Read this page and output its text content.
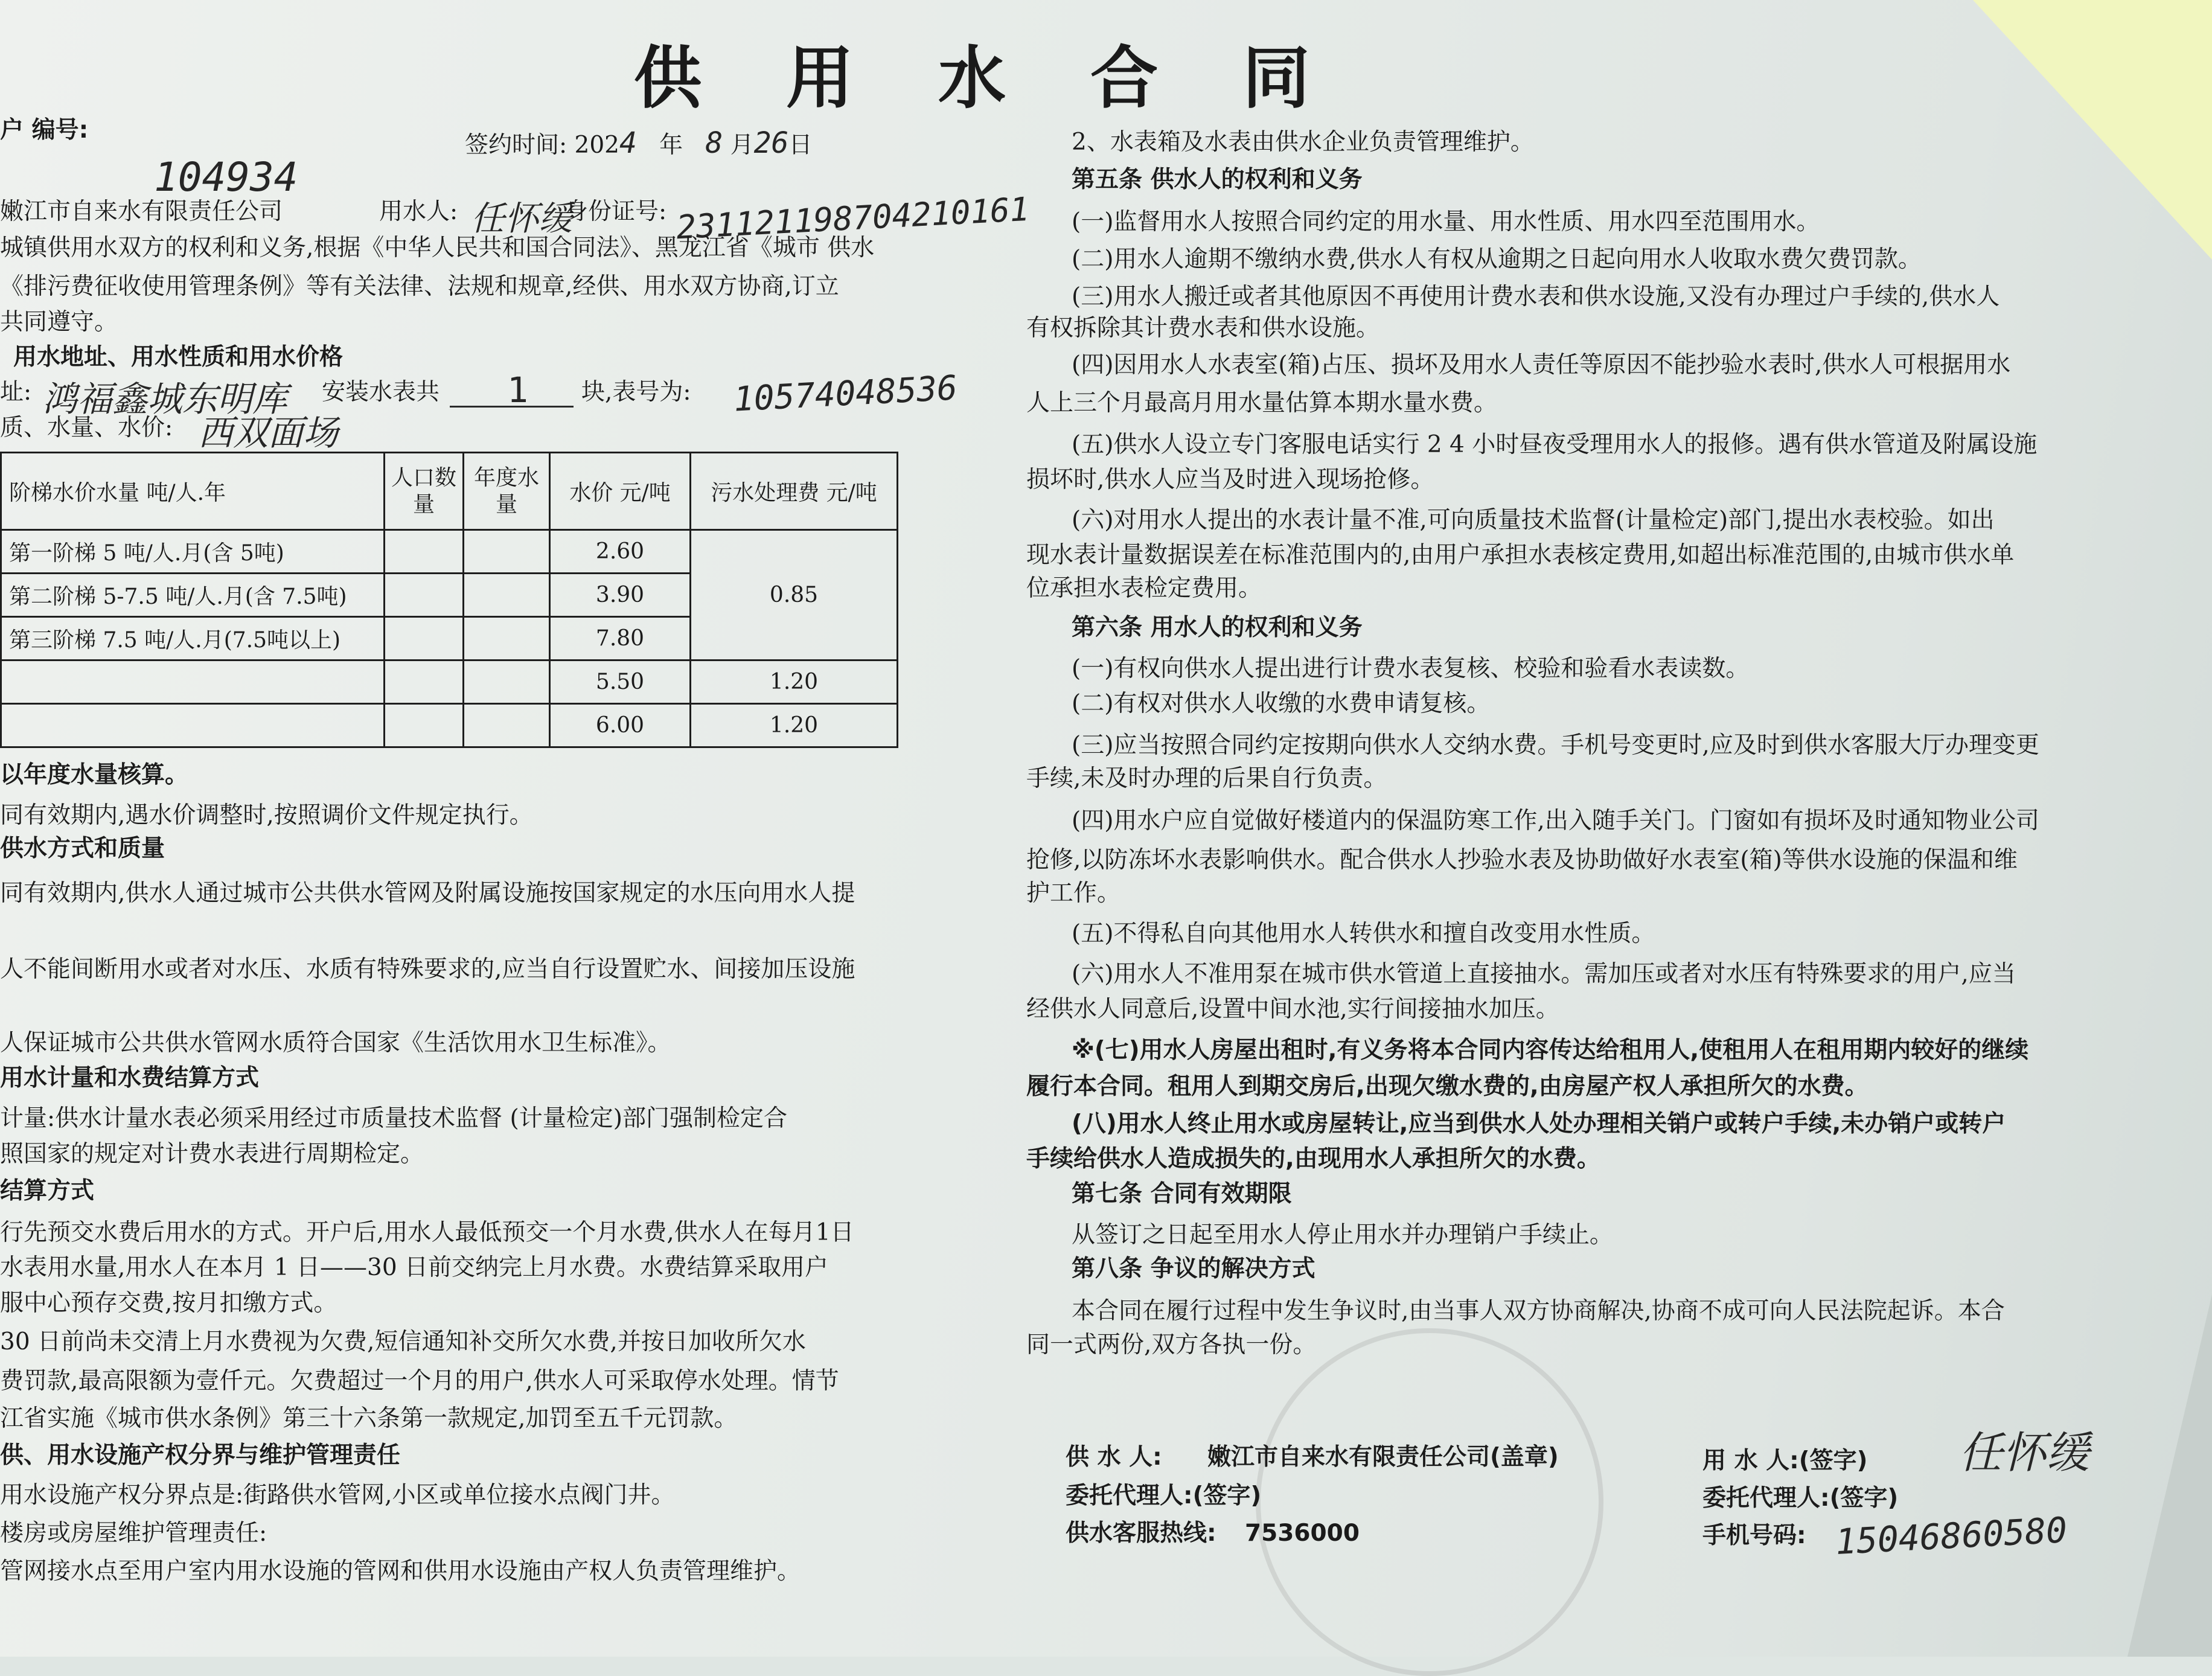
供 用 水 合 同
户 编号:
104934
签约时间: 2024 年 8 月26日
嫩江市自来水有限责任公司	用水人: 任怀缓
身份证号: 231121198704210161
城镇供用水双方的权利和义务,根据《中华人民共和国合同法》、黑龙江省《城市 供水
《排污费征收使用管理条例》等有关法律、法规和规章,经供、用水双方协商,订立
共同遵守。
用水地址、用水性质和用水价格
址: 鸿福鑫城东明库 安装水表共 1 块,表号为: 10574048536
质、水量、水价: 西双面场
阶梯水价水量 吨/人.年	人口数量	年度水量	水价 元/吨	污水处理费 元/吨
第一阶梯 5 吨/人.月(含 5吨)			2.60	0.85
第二阶梯 5-7.5 吨/人.月(含 7.5吨)			3.90	
第三阶梯 7.5 吨/人.月(7.5吨以上)			7.80	
			5.50	1.20
			6.00	1.20
以年度水量核算。
同有效期内,遇水价调整时,按照调价文件规定执行。
供水方式和质量
同有效期内,供水人通过城市公共供水管网及附属设施按国家规定的水压向用水人提
人不能间断用水或者对水压、水质有特殊要求的,应当自行设置贮水、间接加压设施
人保证城市公共供水管网水质符合国家《生活饮用水卫生标准》。
用水计量和水费结算方式
计量:供水计量水表必须采用经过市质量技术监督 (计量检定)部门强制检定合
照国家的规定对计费水表进行周期检定。
结算方式
行先预交水费后用水的方式。开户后,用水人最低预交一个月水费,供水人在每月1日
水表用水量,用水人在本月 1 日——30 日前交纳完上月水费。水费结算采取用户
服中心预存交费,按月扣缴方式。
30 日前尚未交清上月水费视为欠费,短信通知补交所欠水费,并按日加收所欠水
费罚款,最高限额为壹仟元。欠费超过一个月的用户,供水人可采取停水处理。情节
江省实施《城市供水条例》第三十六条第一款规定,加罚至五千元罚款。
供、用水设施产权分界与维护管理责任
用水设施产权分界点是:街路供水管网,小区或单位接水点阀门井。
楼房或房屋维护管理责任:
管网接水点至用户室内用水设施的管网和供用水设施由产权人负责管理维护。
2、水表箱及水表由供水企业负责管理维护。
第五条 供水人的权利和义务
(一)监督用水人按照合同约定的用水量、用水性质、用水四至范围用水。
(二)用水人逾期不缴纳水费,供水人有权从逾期之日起向用水人收取水费欠费罚款。
(三)用水人搬迁或者其他原因不再使用计费水表和供水设施,又没有办理过户手续的,供水人
有权拆除其计费水表和供水设施。
(四)因用水人水表室(箱)占压、损坏及用水人责任等原因不能抄验水表时,供水人可根据用水
人上三个月最高月用水量估算本期水量水费。
(五)供水人设立专门客服电话实行 2 4 小时昼夜受理用水人的报修。遇有供水管道及附属设施
损坏时,供水人应当及时进入现场抢修。
(六)对用水人提出的水表计量不准,可向质量技术监督(计量检定)部门,提出水表校验。如出
现水表计量数据误差在标准范围内的,由用户承担水表核定费用,如超出标准范围的,由城市供水单
位承担水表检定费用。
第六条 用水人的权利和义务
(一)有权向供水人提出进行计费水表复核、校验和验看水表读数。
(二)有权对供水人收缴的水费申请复核。
(三)应当按照合同约定按期向供水人交纳水费。手机号变更时,应及时到供水客服大厅办理变更
手续,未及时办理的后果自行负责。
(四)用水户应自觉做好楼道内的保温防寒工作,出入随手关门。门窗如有损坏及时通知物业公司
抢修,以防冻坏水表影响供水。配合供水人抄验水表及协助做好水表室(箱)等供水设施的保温和维
护工作。
(五)不得私自向其他用水人转供水和擅自改变用水性质。
(六)用水人不准用泵在城市供水管道上直接抽水。需加压或者对水压有特殊要求的用户,应当
经供水人同意后,设置中间水池,实行间接抽水加压。
※(七)用水人房屋出租时,有义务将本合同内容传达给租用人,使租用人在租用期内较好的继续
履行本合同。租用人到期交房后,出现欠缴水费的,由房屋产权人承担所欠的水费。
(八)用水人终止用水或房屋转让,应当到供水人处办理相关销户或转户手续,未办销户或转户
手续给供水人造成损失的,由现用水人承担所欠的水费。
第七条 合同有效期限
从签订之日起至用水人停止用水并办理销户手续止。
第八条 争议的解决方式
本合同在履行过程中发生争议时,由当事人双方协商解决,协商不成可向人民法院起诉。本合
同一式两份,双方各执一份。
供 水 人: 嫩江市自来水有限责任公司(盖章)
委托代理人:(签字)
供水客服热线: 7536000
用 水 人:(签字) 任怀缓
委托代理人:(签字)
手机号码: 15046860580
